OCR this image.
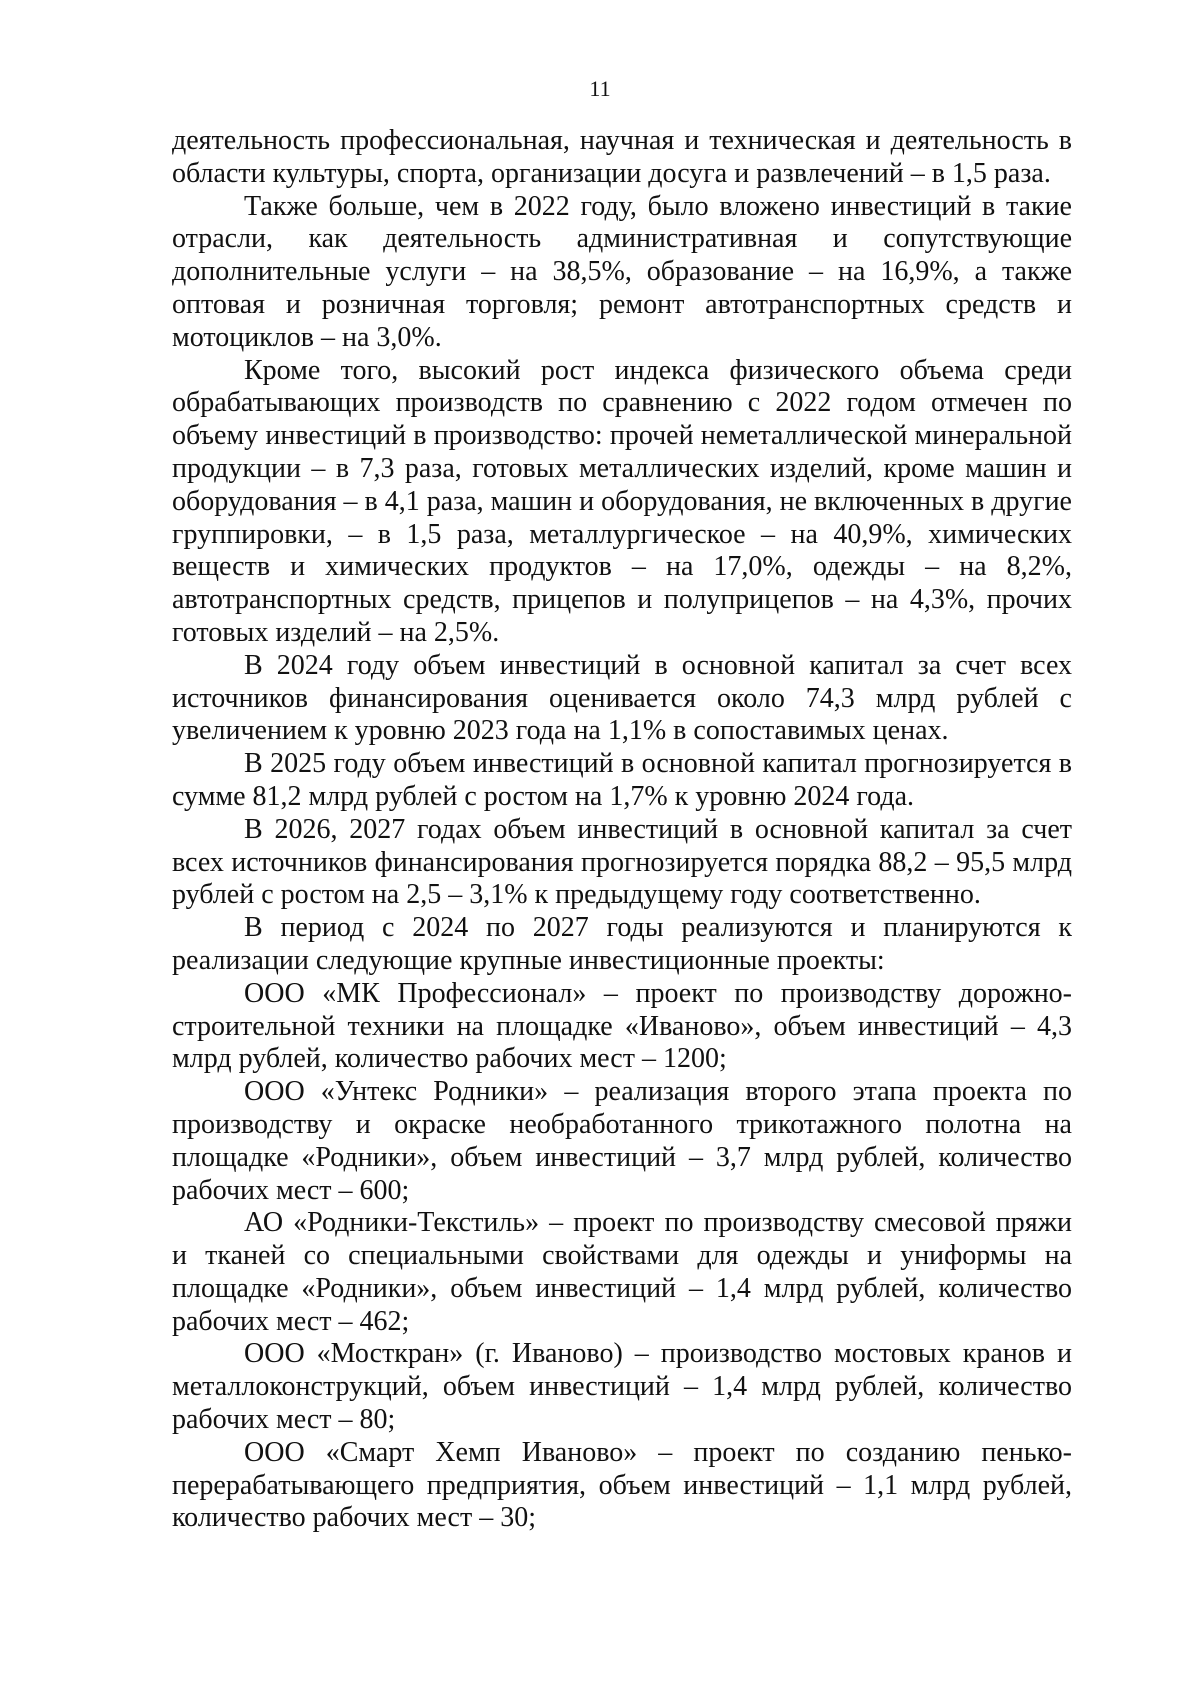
11

деятельность профессиональная, научная и техническая и деятельность в области культуры, спорта, организации досуга и развлечений – в 1,5 раза.

Также больше, чем в 2022 году, было вложено инвестиций в такие отрасли, как деятельность административная и сопутствующие дополнительные услуги – на 38,5%, образование – на 16,9%, а также оптовая и розничная торговля; ремонт автотранспортных средств и мотоциклов – на 3,0%.

Кроме того, высокий рост индекса физического объема среди обрабатывающих производств по сравнению с 2022 годом отмечен по объему инвестиций в производство: прочей неметаллической минеральной продукции – в 7,3 раза, готовых металлических изделий, кроме машин и оборудования – в 4,1 раза, машин и оборудования, не включенных в другие группировки, – в 1,5 раза, металлургическое – на 40,9%, химических веществ и химических продуктов – на 17,0%, одежды – на 8,2%, автотранспортных средств, прицепов и полуприцепов – на 4,3%, прочих готовых изделий – на 2,5%.

В 2024 году объем инвестиций в основной капитал за счет всех источников финансирования оценивается около 74,3 млрд рублей с увеличением к уровню 2023 года на 1,1% в сопоставимых ценах.

В 2025 году объем инвестиций в основной капитал прогнозируется в сумме 81,2 млрд рублей с ростом на 1,7% к уровню 2024 года.

В 2026, 2027 годах объем инвестиций в основной капитал за счет всех источников финансирования прогнозируется порядка 88,2 – 95,5 млрд рублей с ростом на 2,5 – 3,1% к предыдущему году соответственно.

В период с 2024 по 2027 годы реализуются и планируются к реализации следующие крупные инвестиционные проекты:

ООО «МК Профессионал» – проект по производству дорожно-строительной техники на площадке «Иваново», объем инвестиций – 4,3 млрд рублей, количество рабочих мест – 1200;

ООО «Унтекс Родники» – реализация второго этапа проекта по производству и окраске необработанного трикотажного полотна на площадке «Родники», объем инвестиций – 3,7 млрд рублей, количество рабочих мест – 600;

АО «Родники-Текстиль» – проект по производству смесовой пряжи и тканей со специальными свойствами для одежды и униформы на площадке «Родники», объем инвестиций – 1,4 млрд рублей, количество рабочих мест – 462;

ООО «Мосткран» (г. Иваново) – производство мостовых кранов и металлоконструкций, объем инвестиций – 1,4 млрд рублей, количество рабочих мест – 80;

ООО «Смарт Хемп Иваново» – проект по созданию пенько-перерабатывающего предприятия, объем инвестиций – 1,1 млрд рублей, количество рабочих мест – 30;
